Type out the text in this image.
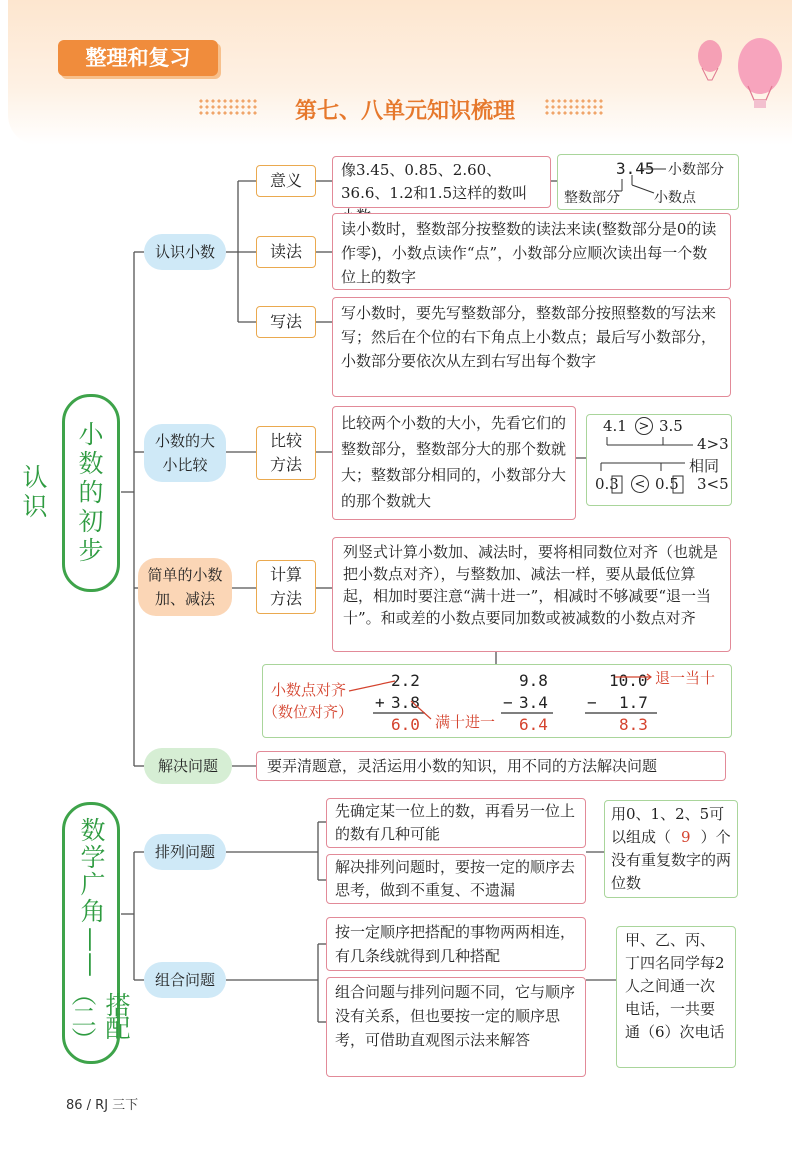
整理和复习
第七、八单元知识梳理
小数的初步认识
认识小数
意义
像3.45、0.85、2.60、36.6、1.2和1.5这样的数叫
3.45 小数部分
整数部分 小数点
读法
读小数时，整数部分按整数的读法来读(整数部分是0的读作零)，小数点读作“点”，小数部分应顺次读出每一个数位上的数字
写法	写小数时，要先写整数部分，整数部分按照整数的写法来写；然后在个位的右下角点上小数点；最后写小数部分，小数部分要依次从左到右写出每个数字
小数的大
小比较
比较
方法
比较两个小数的大小，先看它们的整数部分，整数部分大的那个数就大；整数部分相同的，小数部分大的那个数就大
4.1 > 3.5
4>3
相同
0.3 < 0.5 3<5
简单的小数
加、减法
计算
方法
列竖式计算小数加、减法时，要将相同数位对齐（也就是把小数点对齐），与整数加、减法一样，要从最低位算起，相加时要注意“满十进一”，相减时不够减要“退一当十”。和或差的小数点要同加数或被减数的小数点对齐
小数点对齐
（数位对齐）
满十进一
退一当十
2.2
+ 3.8
6.0
9.8
− 3.4
6.4
10.0
− 1.7
8.3
解决问题	要弄清题意，灵活运用小数的知识，用不同的方法解决问题
数学广角
——
搭配（二）
排列问题
先确定某一位上的数，再看另一位上的数有几种可能
解决排列问题时，要按一定的顺序去思考，做到不重复、不遗漏
用0、1、2、5可以组成（ 9 ）个没有重复数字的两位数
组合问题
按一定顺序把搭配的事物两两相连，有几条线就得到几种搭配
组合问题与排列问题不同，它与顺序没有关系，但也要按一定的顺序思考，可借助直观图示法来解答
甲、乙、丙、丁四名同学每2人之间通一次电话，一共要通（6）次电话
86 / RJ 三下
